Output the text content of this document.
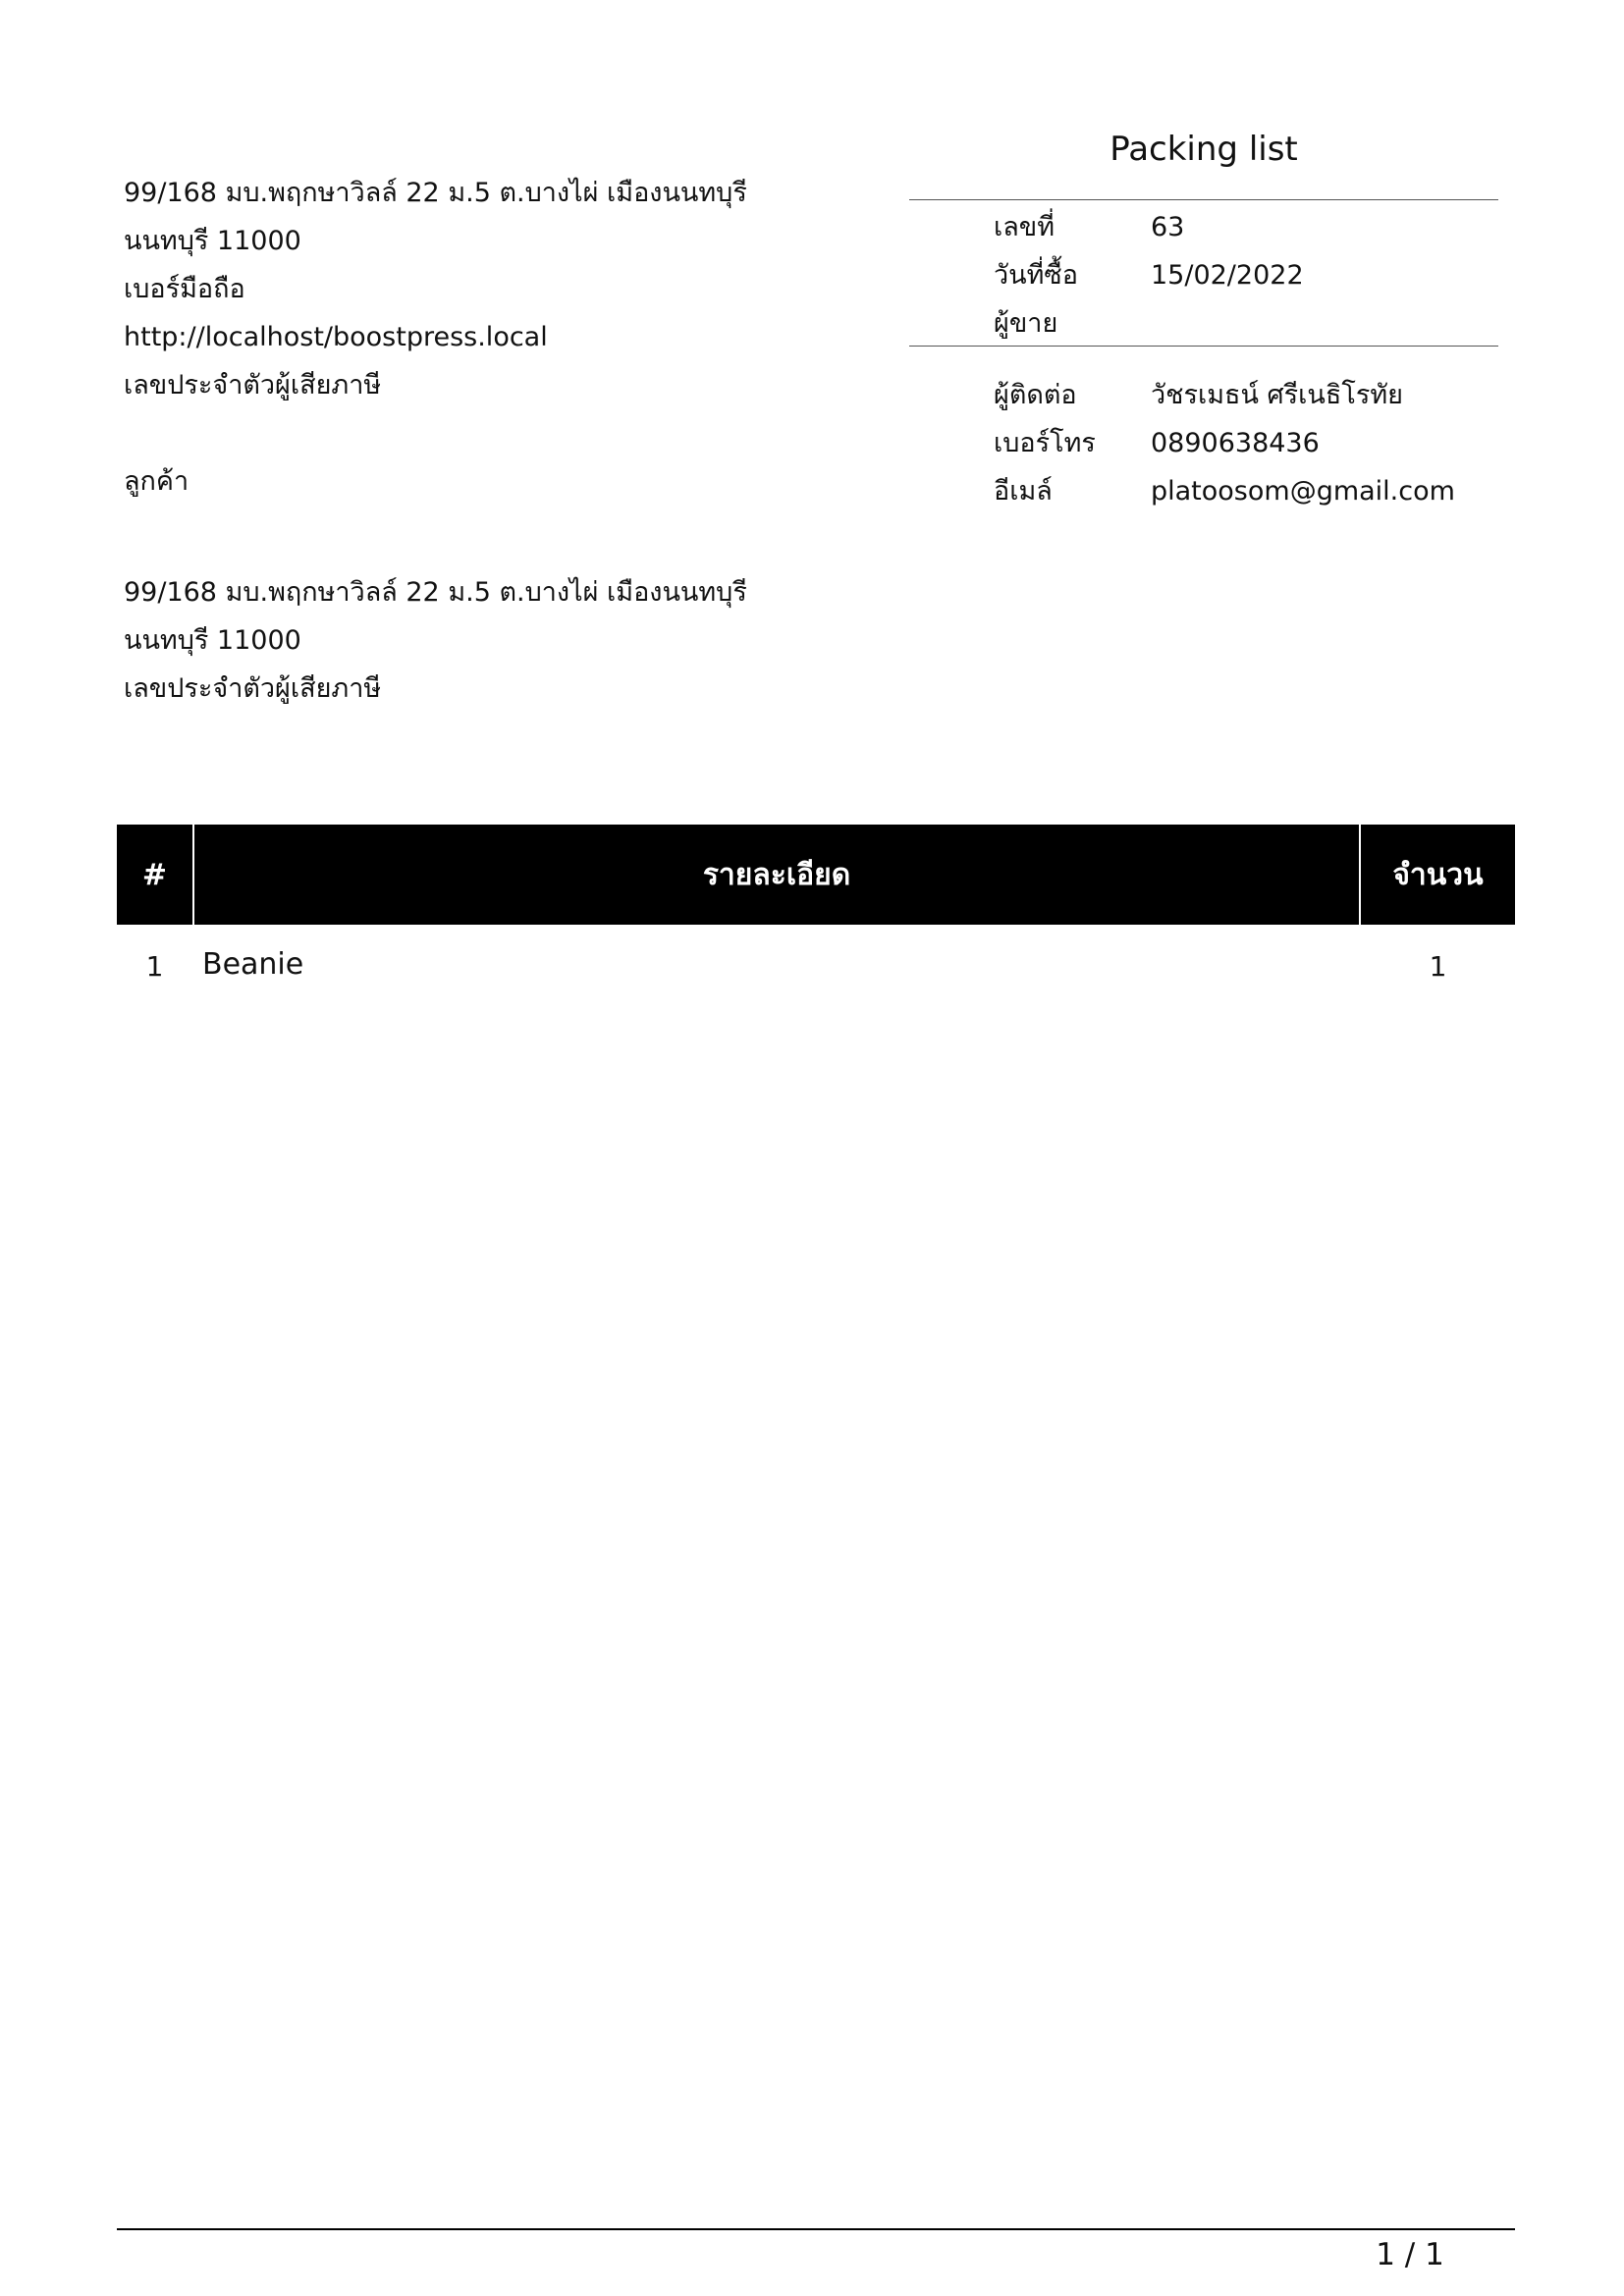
99/168 มบ.พฤกษาวิลล์ 22 ม.5 ต.บางไผ่ เมืองนนทบุรี
นนทบุรี 11000
เบอร์มือถือ
http://localhost/boostpress.local
เลขประจำตัวผู้เสียภาษี
ลูกค้า
99/168 มบ.พฤกษาวิลล์ 22 ม.5 ต.บางไผ่ เมืองนนทบุรี
นนทบุรี 11000
เลขประจำตัวผู้เสียภาษี
Packing list
เลขที่	63
วันที่ซื้อ	15/02/2022
ผู้ขาย
ผู้ติดต่อ	วัชรเมธน์ ศรีเนธิโรทัย
เบอร์โทร	0890638436
อีเมล์	platoosom@gmail.com
#	รายละเอียด	จำนวน
1	Beanie	1
1 / 1
